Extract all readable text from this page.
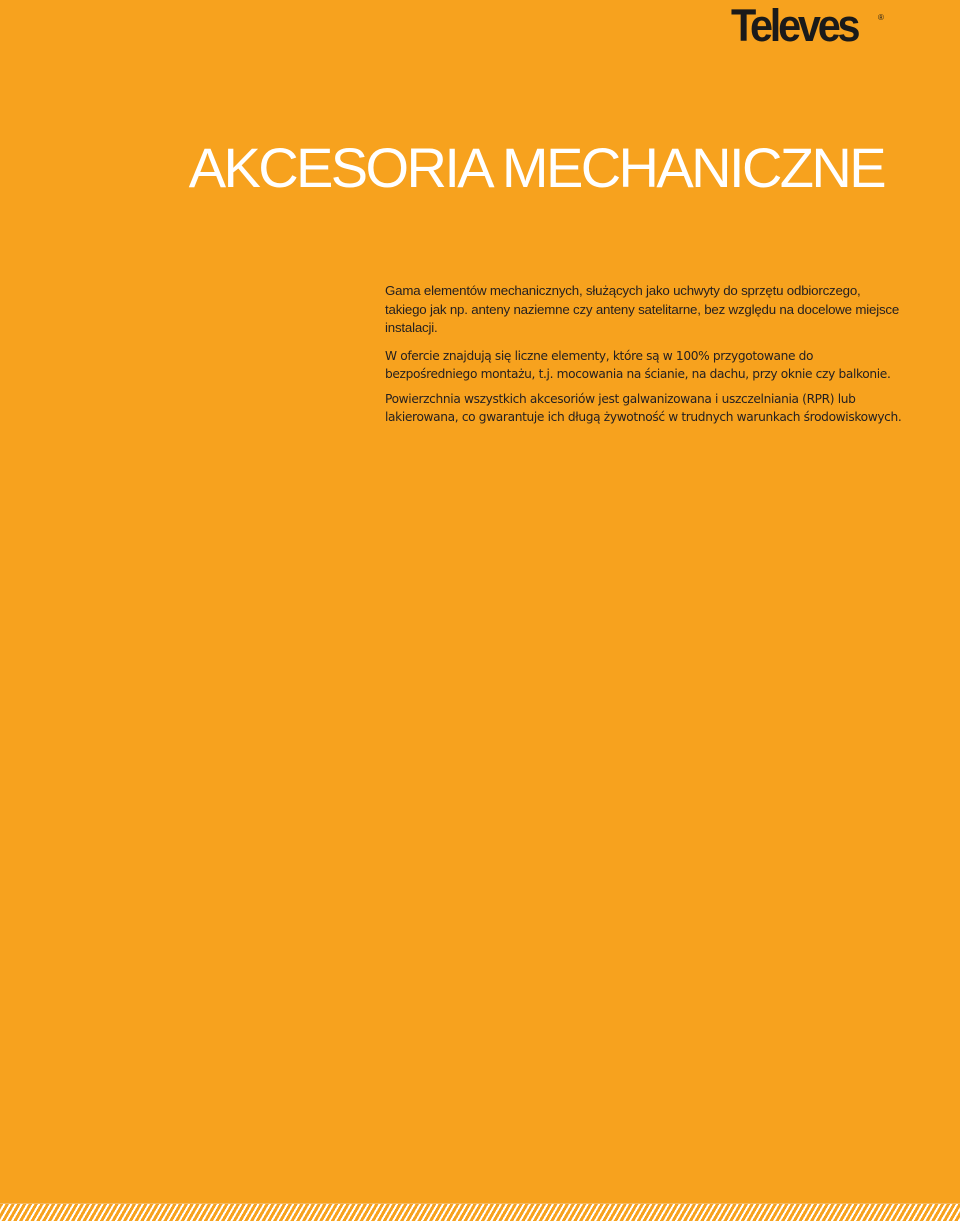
Televes	®
AKCESORIA MECHANICZNE

Gama elementów mechanicznych, służących jako uchwyty do sprzętu odbiorczego, takiego jak np. anteny naziemne czy anteny satelitarne, bez względu na docelowe miejsce instalacji.

W ofercie znajdują się liczne elementy, które są w 100% przygotowane do bezpośredniego montażu, t.j. mocowania na ścianie, na dachu, przy oknie czy balkonie.

Powierzchnia wszystkich akcesoriów jest galwanizowana i uszczelniania (RPR) lub lakierowana, co gwarantuje ich długą żywotność w trudnych warunkach środowiskowych.
